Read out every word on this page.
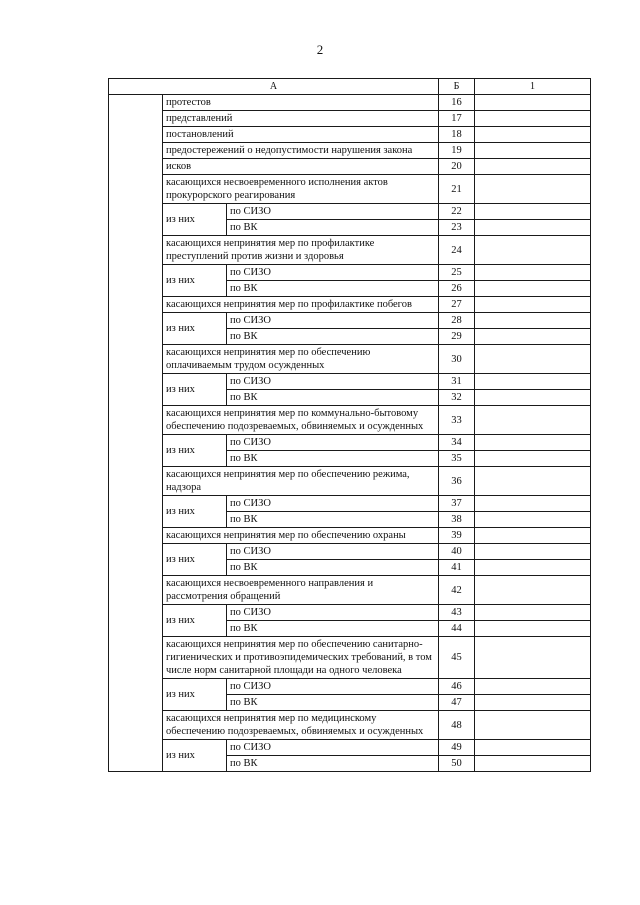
2
А			Б	1
	протестов		16	
	представлений		17	
	постановлений		18	
	предостережений о недопустимости нарушения закона		19	
	исков		20	
	касающихся несвоевременного исполнения актов прокурорского реагирования		21	
	из них	по СИЗО	22	
		по ВК	23	
	касающихся непринятия мер по профилактике преступлений против жизни и здоровья		24	
	из них	по СИЗО	25	
		по ВК	26	
	касающихся непринятия мер по профилактике побегов		27	
	из них	по СИЗО	28	
		по ВК	29	
	касающихся непринятия мер по обеспечению оплачиваемым трудом осужденных		30	
	из них	по СИЗО	31	
		по ВК	32	
	касающихся непринятия мер по коммунально-бытовому обеспечению подозреваемых, обвиняемых и осужденных		33	
	из них	по СИЗО	34	
		по ВК	35	
	касающихся непринятия мер по обеспечению режима, надзора		36	
	из них	по СИЗО	37	
		по ВК	38	
	касающихся непринятия мер по обеспечению охраны		39	
	из них	по СИЗО	40	
		по ВК	41	
	касающихся несвоевременного направления и рассмотрения обращений		42	
	из них	по СИЗО	43	
		по ВК	44	
	касающихся непринятия мер по обеспечению санитарно-гигиенических и противоэпидемических требований, в том числе норм санитарной площади на одного человека		45	
	из них	по СИЗО	46	
		по ВК	47	
	касающихся непринятия мер по медицинскому обеспечению подозреваемых, обвиняемых и осужденных		48	
	из них	по СИЗО	49	
		по ВК	50	
